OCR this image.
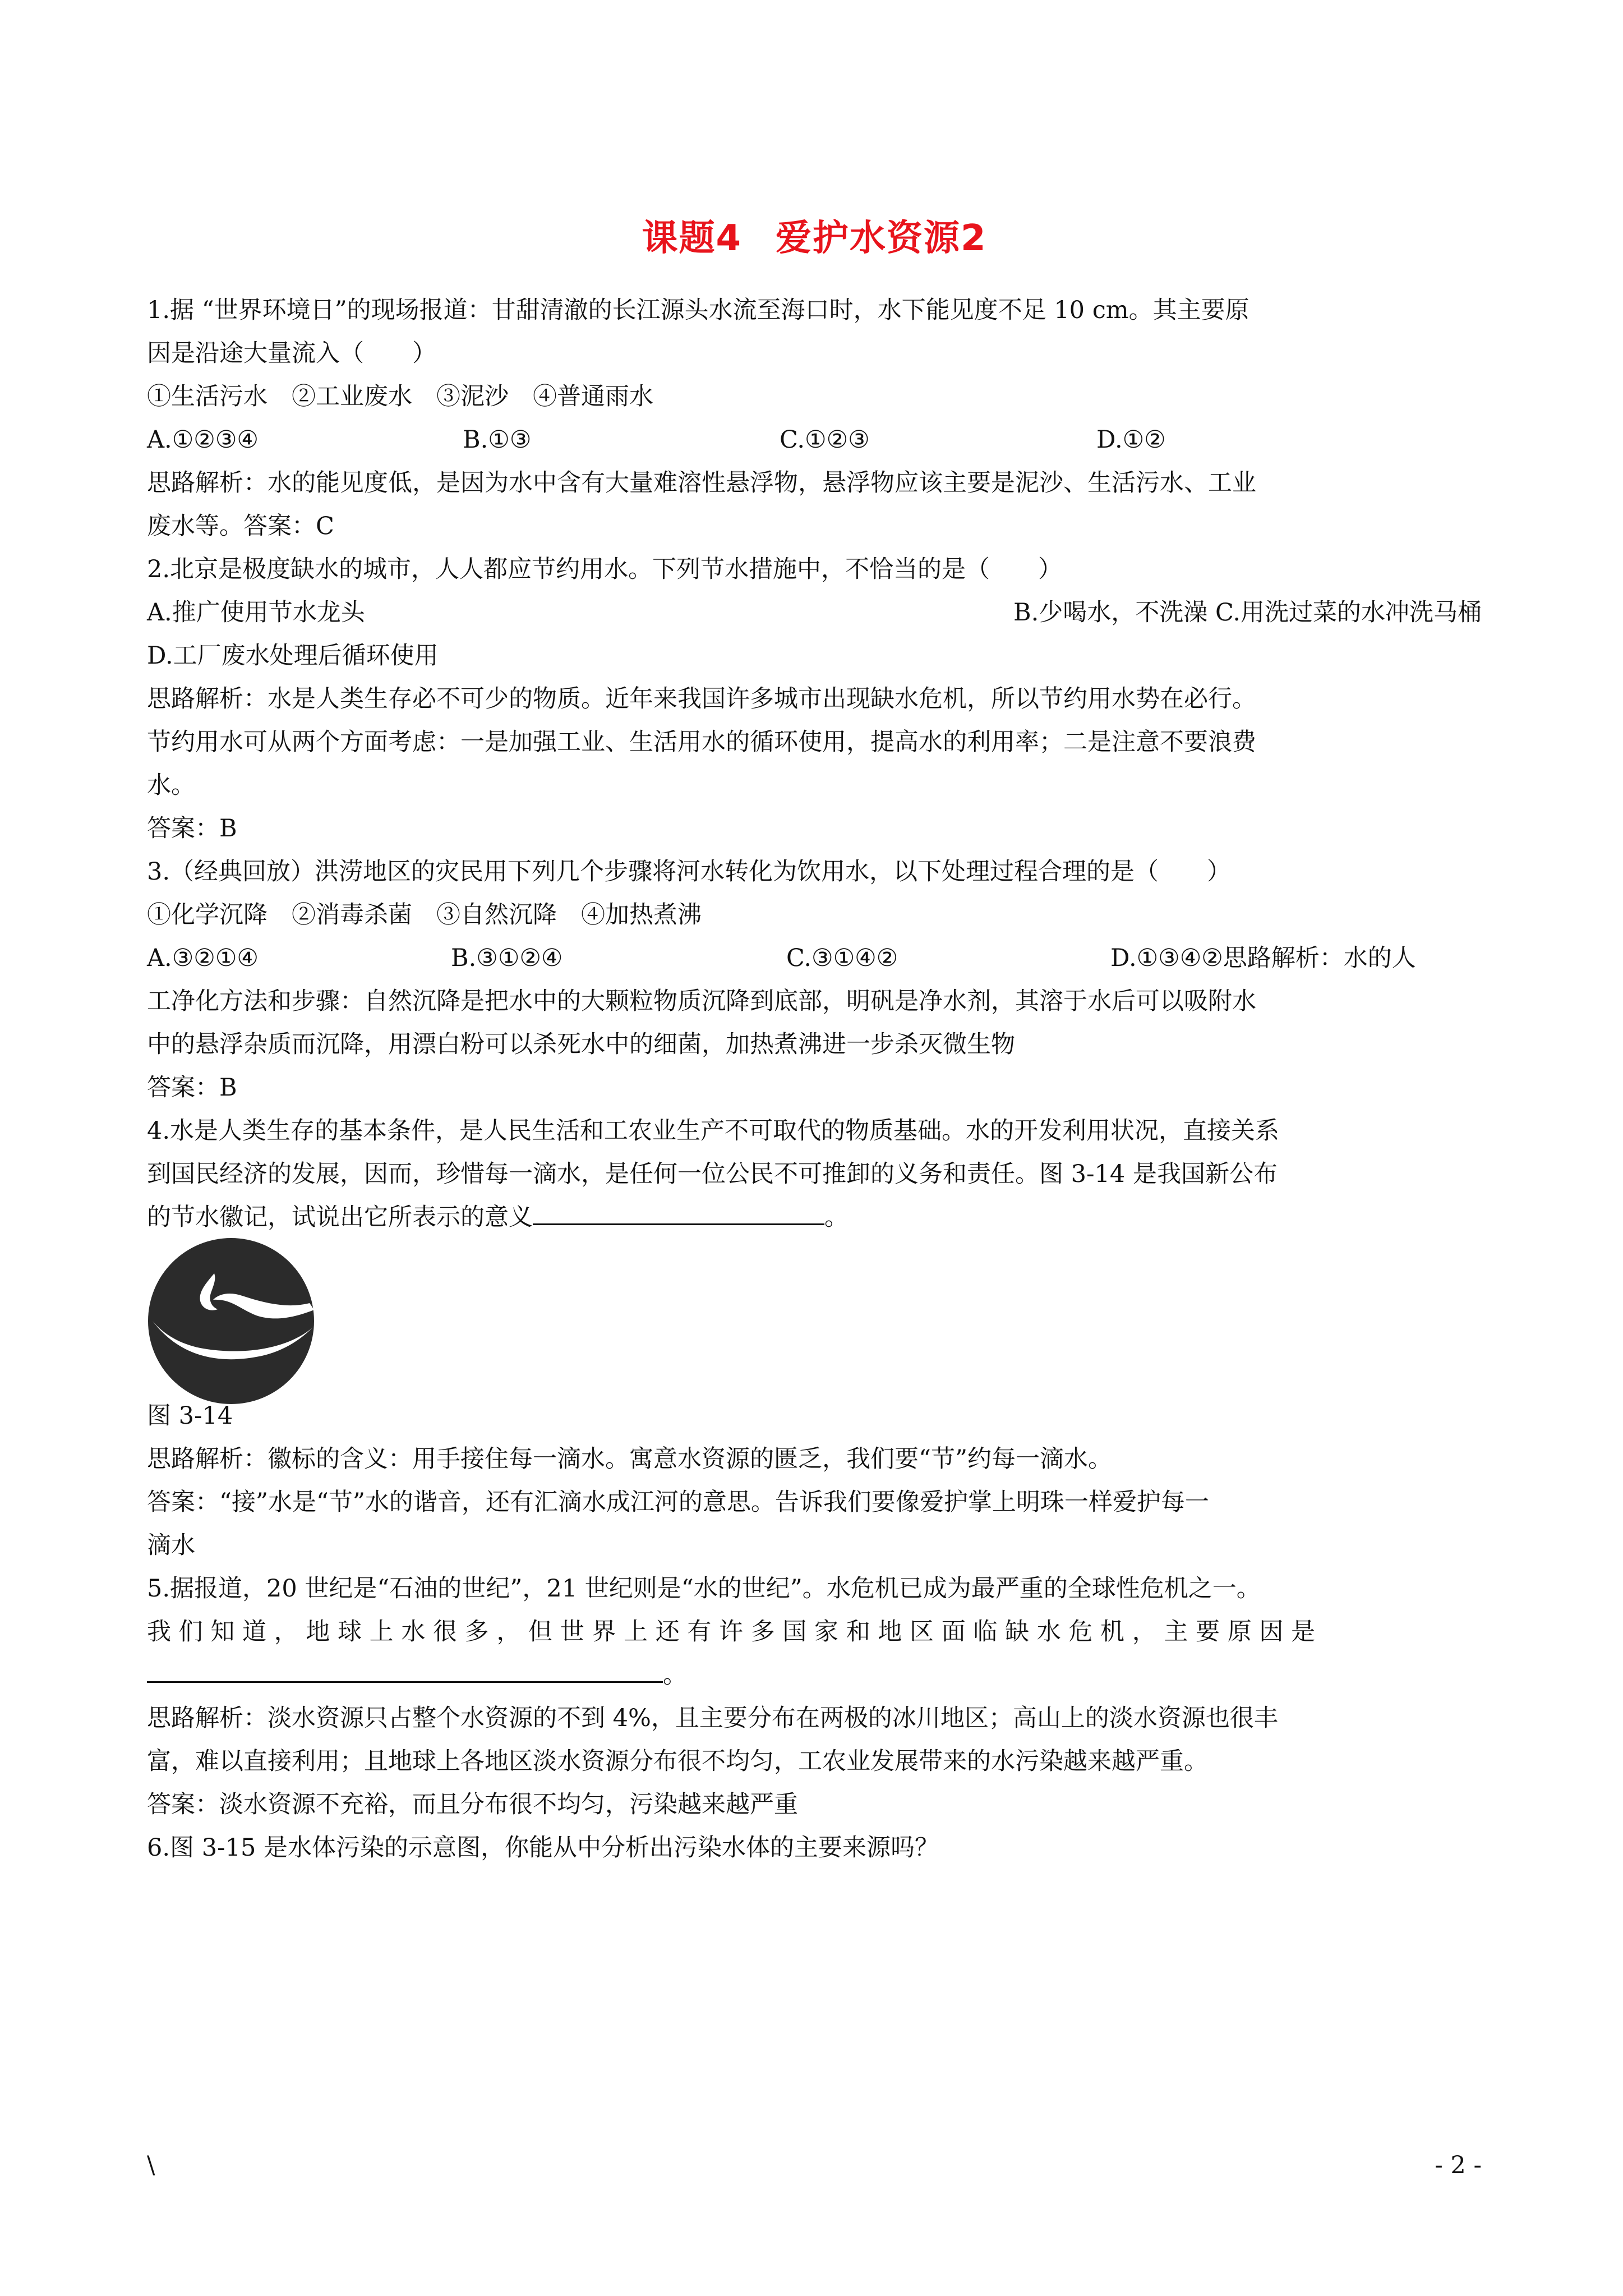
课题4 爱护水资源2
1.据 “世界环境日”的现场报道：甘甜清澈的长江源头水流至海口时，水下能见度不足 10 cm。其主要原
因是沿途大量流入（　　）
①生活污水　②工业废水　③泥沙　④普通雨水
A.①②③④	B.①③	C.①②③	D.①②
思路解析：水的能见度低，是因为水中含有大量难溶性悬浮物，悬浮物应该主要是泥沙、生活污水、工业
废水等。答案：C
2.北京是极度缺水的城市，人人都应节约用水。下列节水措施中，不恰当的是（　　）
A.推广使用节水龙头	B.少喝水，不洗澡 C.用洗过菜的水冲洗马桶
D.工厂废水处理后循环使用
思路解析：水是人类生存必不可少的物质。近年来我国许多城市出现缺水危机，所以节约用水势在必行。
节约用水可从两个方面考虑：一是加强工业、生活用水的循环使用，提高水的利用率；二是注意不要浪费
水。
答案：B
3.（经典回放）洪涝地区的灾民用下列几个步骤将河水转化为饮用水，以下处理过程合理的是（　　）
①化学沉降　②消毒杀菌　③自然沉降　④加热煮沸
A.③②①④	B.③①②④	C.③①④②	D.①③④②思路解析：水的人
工净化方法和步骤：自然沉降是把水中的大颗粒物质沉降到底部，明矾是净水剂，其溶于水后可以吸附水
中的悬浮杂质而沉降，用漂白粉可以杀死水中的细菌，加热煮沸进一步杀灭微生物
答案：B
4.水是人类生存的基本条件，是人民生活和工农业生产不可取代的物质基础。水的开发利用状况，直接关系
到国民经济的发展，因而，珍惜每一滴水，是任何一位公民不可推卸的义务和责任。图 3-14 是我国新公布
的节水徽记，试说出它所表示的意义	。
图 3-14
思路解析：徽标的含义：用手接住每一滴水。寓意水资源的匮乏，我们要“节”约每一滴水。
答案：“接”水是“节”水的谐音，还有汇滴水成江河的意思。告诉我们要像爱护掌上明珠一样爱护每一
滴水
5.据报道，20 世纪是“石油的世纪”，21 世纪则是“水的世纪”。水危机已成为最严重的全球性危机之一。
我 们 知 道 ， 地 球 上 水 很 多 ， 但 世 界 上 还 有 许 多 国 家 和 地 区 面 临 缺 水 危 机 ， 主 要 原 因 是
。
思路解析：淡水资源只占整个水资源的不到 4%，且主要分布在两极的冰川地区；高山上的淡水资源也很丰
富，难以直接利用；且地球上各地区淡水资源分布很不均匀，工农业发展带来的水污染越来越严重。
答案：淡水资源不充裕，而且分布很不均匀，污染越来越严重
6.图 3-15 是水体污染的示意图，你能从中分析出污染水体的主要来源吗？
\	- 2 -
